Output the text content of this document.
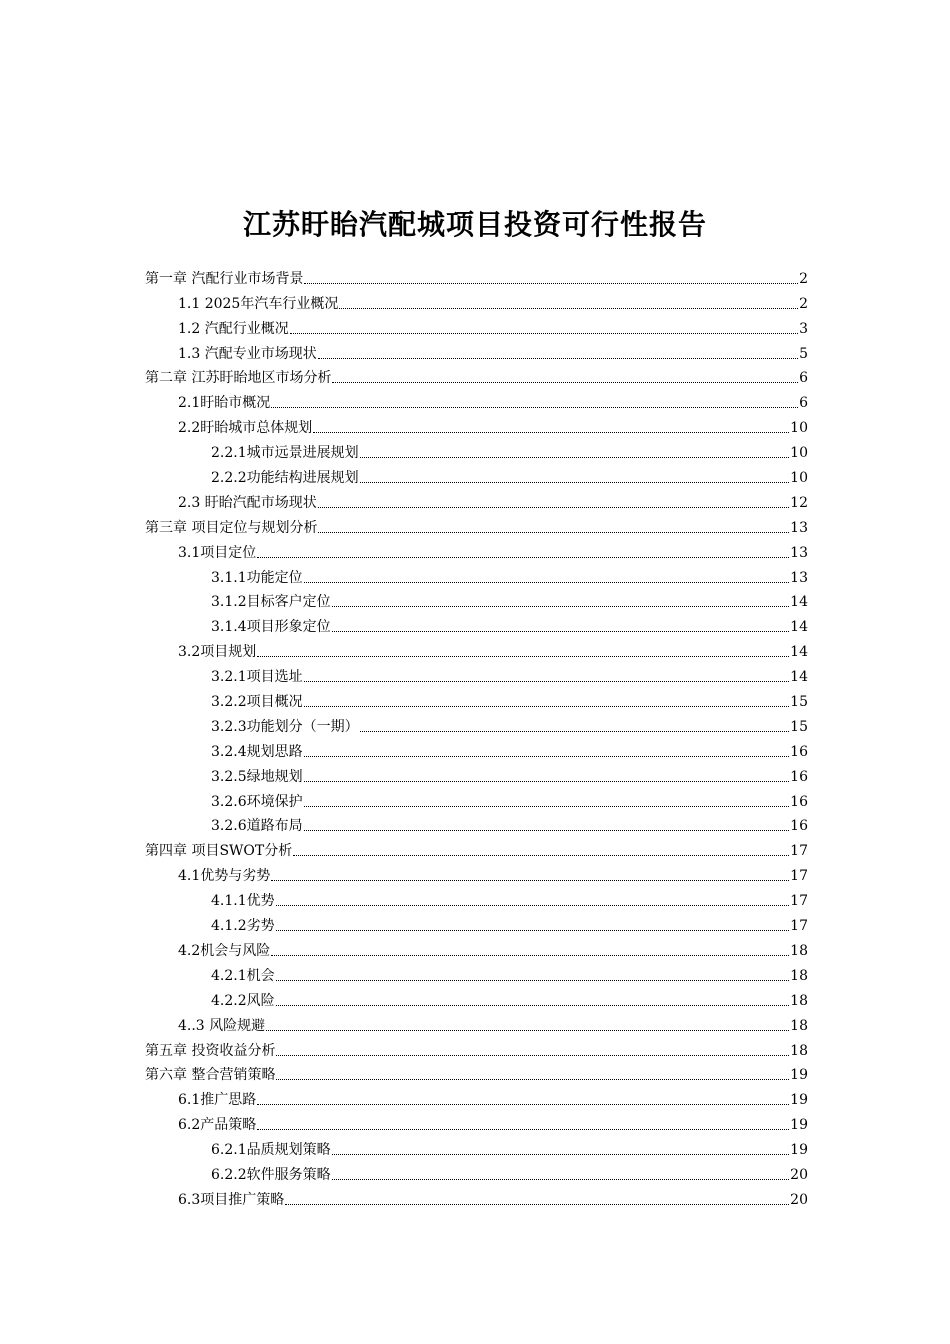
江苏盱眙汽配城项目投资可行性报告
第一章 汽配行业市场背景	2
1.1 2025年汽车行业概况	2
1.2 汽配行业概况	3
1.3 汽配专业市场现状	5
第二章 江苏盱眙地区市场分析	6
2.1盱眙市概况	6
2.2盱眙城市总体规划	10
2.2.1城市远景进展规划	10
2.2.2功能结构进展规划	10
2.3 盱眙汽配市场现状	12
第三章 项目定位与规划分析	13
3.1项目定位	13
3.1.1功能定位	13
3.1.2目标客户定位	14
3.1.4项目形象定位	14
3.2项目规划	14
3.2.1项目选址	14
3.2.2项目概况	15
3.2.3功能划分（一期）	15
3.2.4规划思路	16
3.2.5绿地规划	16
3.2.6环境保护	16
3.2.6道路布局	16
第四章 项目SWOT分析	17
4.1优势与劣势	17
4.1.1优势	17
4.1.2劣势	17
4.2机会与风险	18
4.2.1机会	18
4.2.2风险	18
4..3 风险规避	18
第五章 投资收益分析	18
第六章 整合营销策略	19
6.1推广思路	19
6.2产品策略	19
6.2.1品质规划策略	19
6.2.2软件服务策略	20
6.3项目推广策略	20
